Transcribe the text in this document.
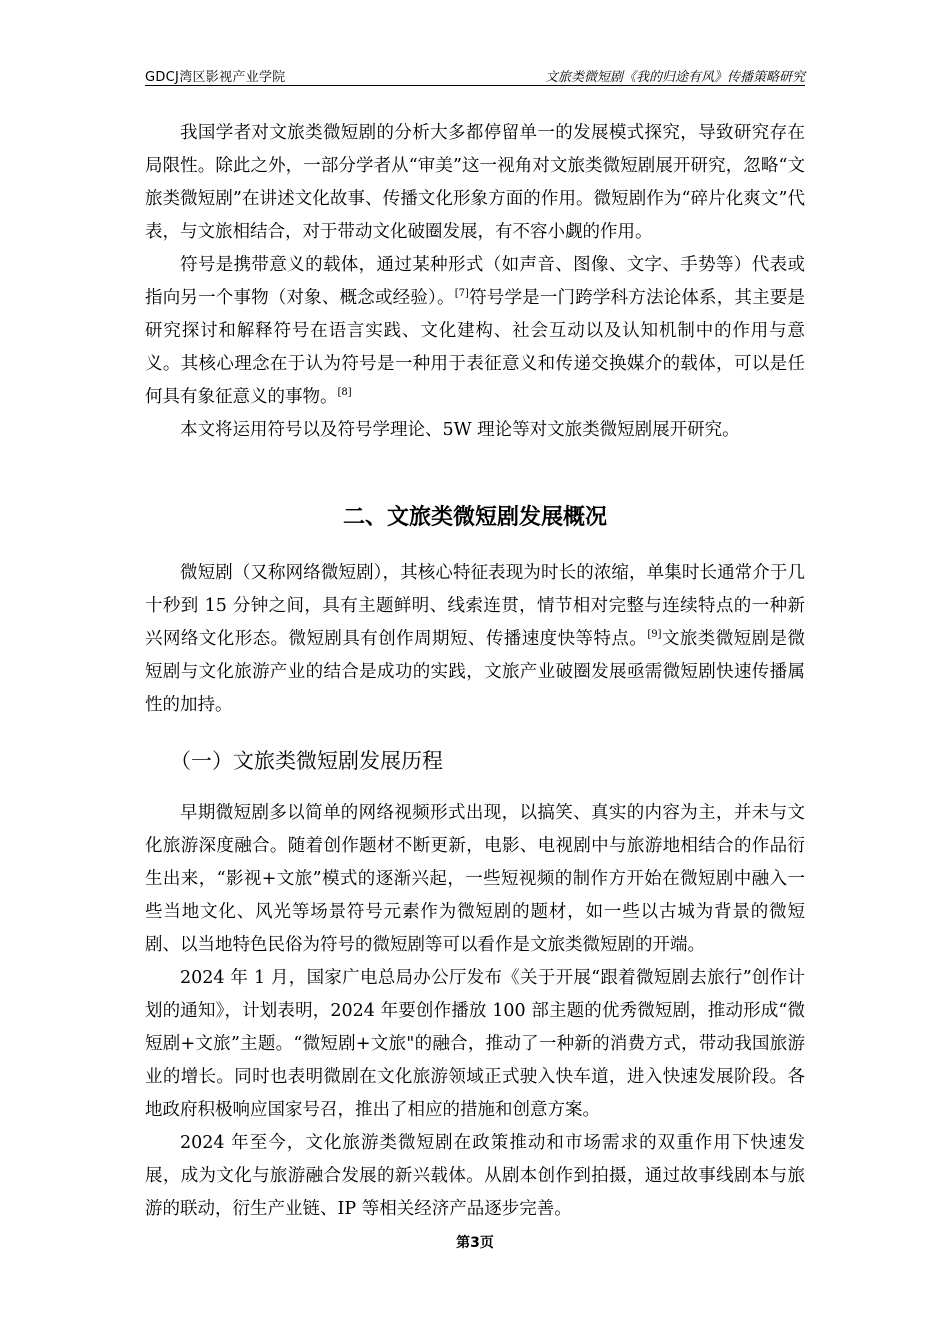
GDCJ湾区影视产业学院	文旅类微短剧《我的归途有风》传播策略研究

我国学者对文旅类微短剧的分析大多都停留单一的发展模式探究，导致研究存在局限性。除此之外，一部分学者从“审美”这一视角对文旅类微短剧展开研究，忽略“文旅类微短剧”在讲述文化故事、传播文化形象方面的作用。微短剧作为“碎片化爽文”代表，与文旅相结合，对于带动文化破圈发展，有不容小觑的作用。

符号是携带意义的载体，通过某种形式（如声音、图像、文字、手势等）代表或指向另一个事物（对象、概念或经验）。[7]符号学是一门跨学科方法论体系，其主要是研究探讨和解释符号在语言实践、文化建构、社会互动以及认知机制中的作用与意义。其核心理念在于认为符号是一种用于表征意义和传递交换媒介的载体，可以是任何具有象征意义的事物。[8]

本文将运用符号以及符号学理论、5W 理论等对文旅类微短剧展开研究。

二、文旅类微短剧发展概况

微短剧（又称网络微短剧），其核心特征表现为时长的浓缩，单集时长通常介于几十秒到 15 分钟之间，具有主题鲜明、线索连贯，情节相对完整与连续特点的一种新兴网络文化形态。微短剧具有创作周期短、传播速度快等特点。[9]文旅类微短剧是微短剧与文化旅游产业的结合是成功的实践，文旅产业破圈发展亟需微短剧快速传播属性的加持。

（一）文旅类微短剧发展历程

早期微短剧多以简单的网络视频形式出现，以搞笑、真实的内容为主，并未与文化旅游深度融合。随着创作题材不断更新，电影、电视剧中与旅游地相结合的作品衍生出来，“影视+文旅”模式的逐渐兴起，一些短视频的制作方开始在微短剧中融入一些当地文化、风光等场景符号元素作为微短剧的题材，如一些以古城为背景的微短剧、以当地特色民俗为符号的微短剧等可以看作是文旅类微短剧的开端。

2024 年 1 月，国家广电总局办公厅发布《关于开展“跟着微短剧去旅行”创作计划的通知》，计划表明，2024 年要创作播放 100 部主题的优秀微短剧，推动形成“微短剧+文旅”主题。“微短剧+文旅"的融合，推动了一种新的消费方式，带动我国旅游业的增长。同时也表明微剧在文化旅游领域正式驶入快车道，进入快速发展阶段。各地政府积极响应国家号召，推出了相应的措施和创意方案。

2024 年至今，文化旅游类微短剧在政策推动和市场需求的双重作用下快速发展，成为文化与旅游融合发展的新兴载体。从剧本创作到拍摄，通过故事线剧本与旅游的联动，衍生产业链、IP 等相关经济产品逐步完善。

第3页
